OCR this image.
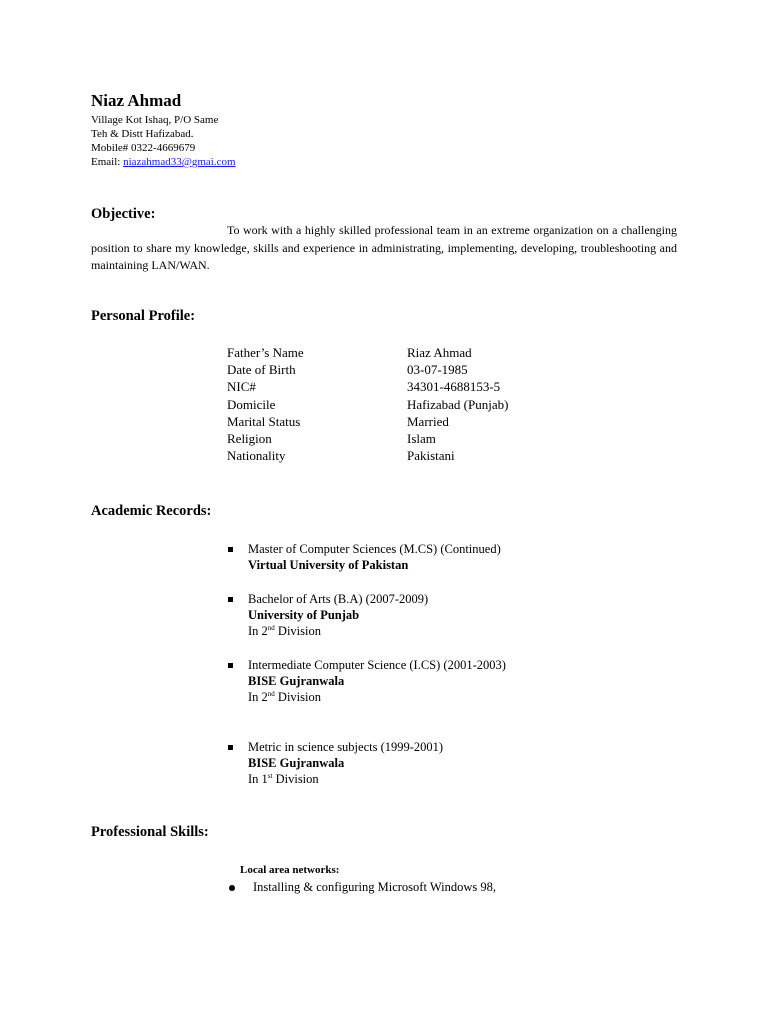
Niaz Ahmad
Village Kot Ishaq, P/O Same
Teh & Distt Hafizabad.
Mobile# 0322-4669679
Email: niazahmad33@gmai.com
Objective:
To work with a highly skilled professional team in an extreme organization on a challenging position to share my knowledge, skills and experience in administrating, implementing, developing, troubleshooting and maintaining LAN/WAN.
Personal Profile:
Father’s Name	Riaz Ahmad
Date of Birth	03-07-1985
NIC#	34301-4688153-5
Domicile	Hafizabad (Punjab)
Marital Status	Married
Religion	Islam
Nationality	Pakistani
Academic Records:
Master of Computer Sciences (M.CS) (Continued)
Virtual University of Pakistan
Bachelor of Arts (B.A) (2007-2009)
University of Punjab
In 2nd Division
Intermediate Computer Science (I.CS) (2001-2003)
BISE Gujranwala
In 2nd Division
Metric in science subjects (1999-2001)
BISE Gujranwala
In 1st Division
Professional Skills:
Local area networks:
Installing & configuring Microsoft Windows 98,
